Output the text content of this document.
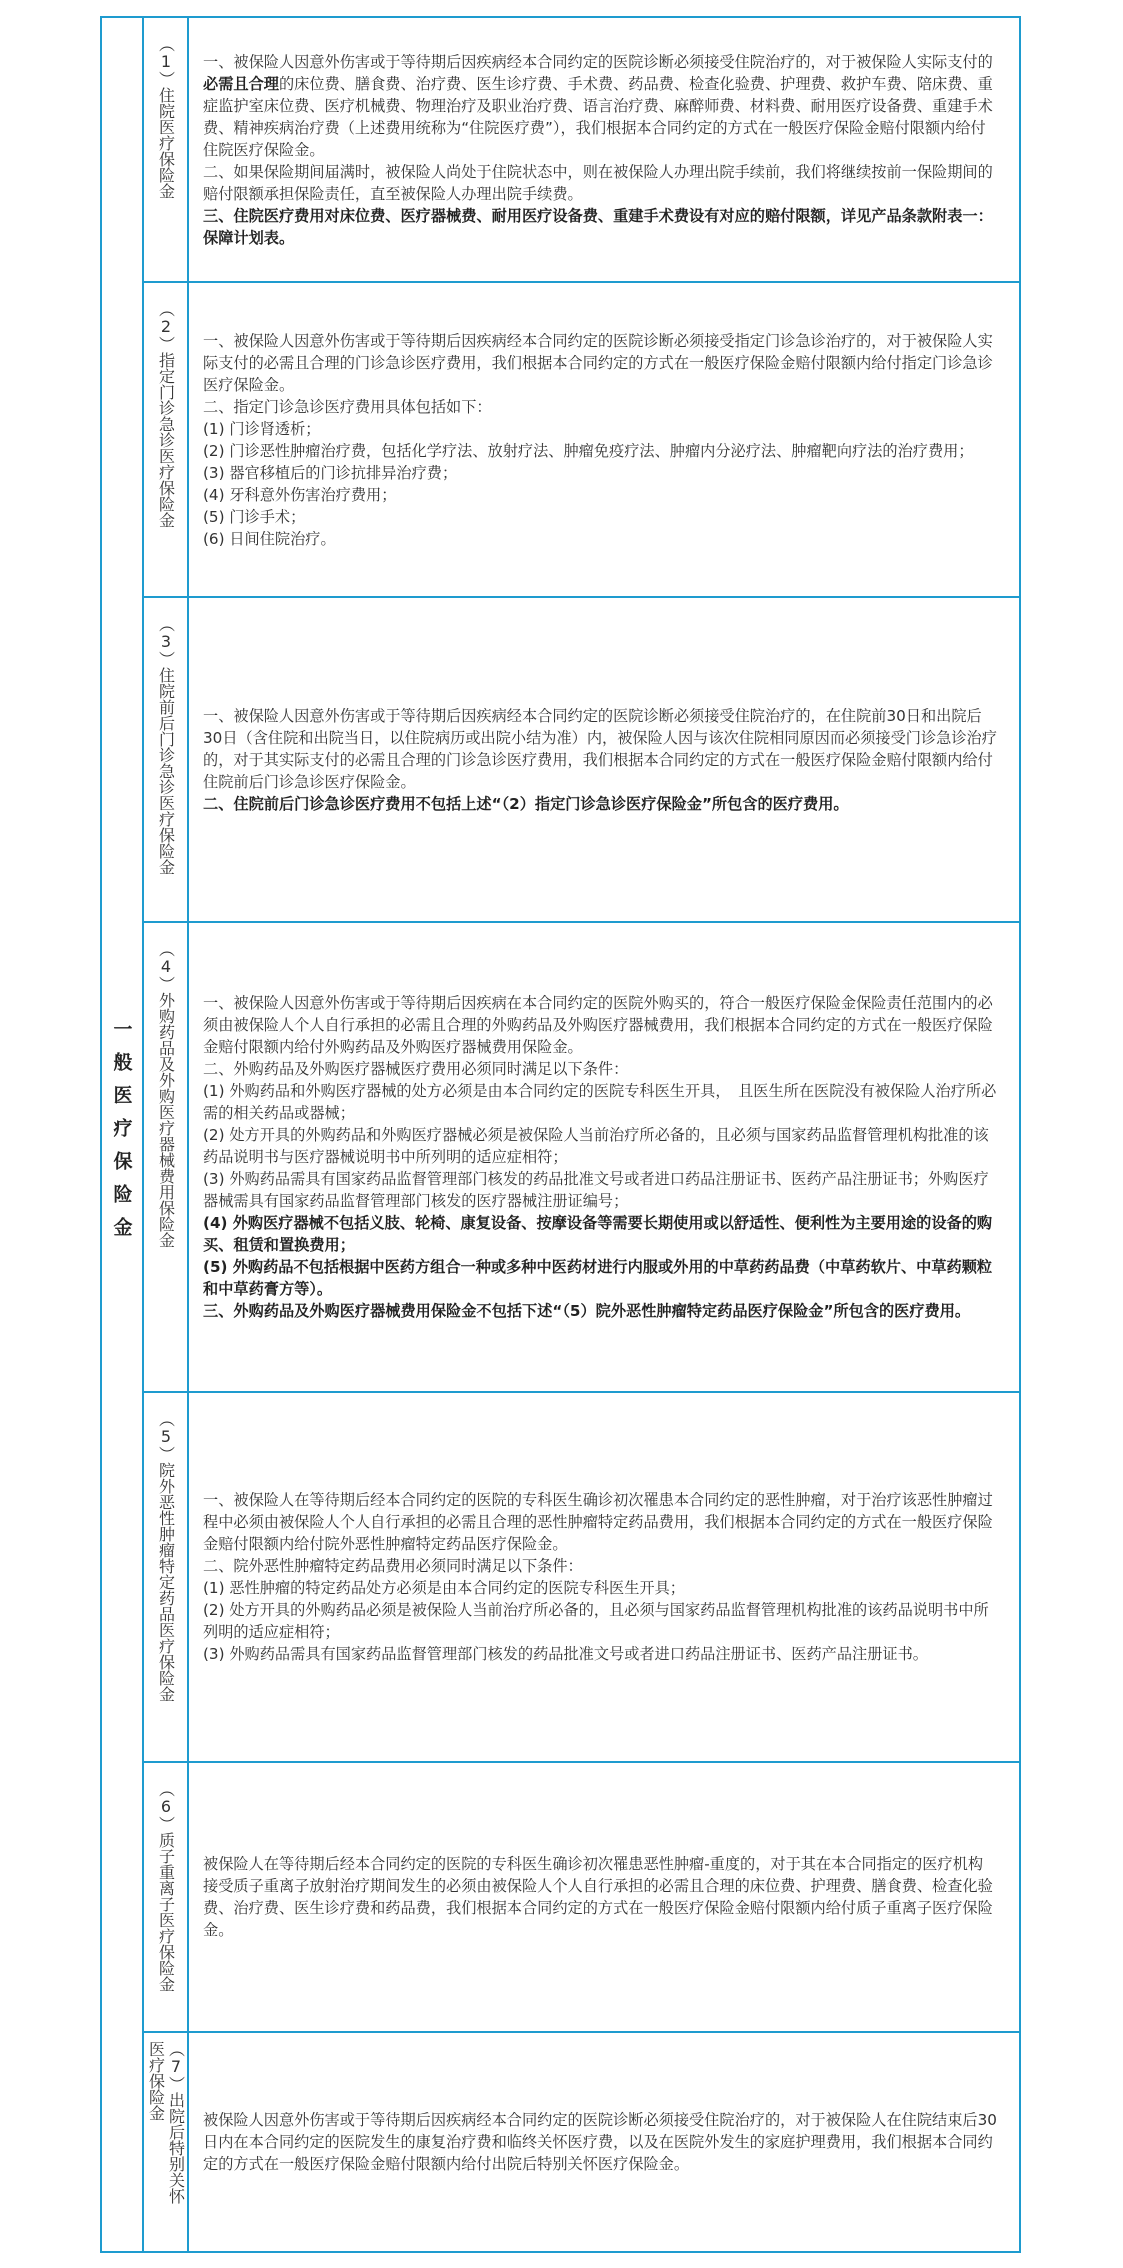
一般医疗保险金
（1）住院医疗保险金 一、被保险人因意外伤害或于等待期后因疾病经本合同约定的医院诊断必须接受住院治疗的，对于被保险人实际支付的必需且合理的床位费、膳食费、治疗费、医生诊疗费、手术费、药品费、检查化验费、护理费、救护车费、陪床费、重症监护室床位费、医疗机械费、物理治疗及职业治疗费、语言治疗费、麻醉师费、材料费、耐用医疗设备费、重建手术费、精神疾病治疗费（上述费用统称为“住院医疗费”），我们根据本合同约定的方式在一般医疗保险金赔付限额内给付住院医疗保险金。

二、如果保险期间届满时，被保险人尚处于住院状态中，则在被保险人办理出院手续前，我们将继续按前一保险期间的赔付限额承担保险责任，直至被保险人办理出院手续费。

三、住院医疗费用对床位费、医疗器械费、耐用医疗设备费、重建手术费设有对应的赔付限额，详见产品条款附表一：保障计划表。

（2）指定门诊急诊医疗保险金 一、被保险人因意外伤害或于等待期后因疾病经本合同约定的医院诊断必须接受指定门诊急诊治疗的，对于被保险人实际支付的必需且合理的门诊急诊医疗费用，我们根据本合同约定的方式在一般医疗保险金赔付限额内给付指定门诊急诊医疗保险金。

二、指定门诊急诊医疗费用具体包括如下：

(1) 门诊肾透析；

(2) 门诊恶性肿瘤治疗费，包括化学疗法、放射疗法、肿瘤免疫疗法、肿瘤内分泌疗法、肿瘤靶向疗法的治疗费用；

(3) 器官移植后的门诊抗排异治疗费；

(4) 牙科意外伤害治疗费用；

(5) 门诊手术；

(6) 日间住院治疗。

（3）住院前后门诊急诊医疗保险金 一、被保险人因意外伤害或于等待期后因疾病经本合同约定的医院诊断必须接受住院治疗的，在住院前30日和出院后30日（含住院和出院当日，以住院病历或出院小结为准）内，被保险人因与该次住院相同原因而必须接受门诊急诊治疗的，对于其实际支付的必需且合理的门诊急诊医疗费用，我们根据本合同约定的方式在一般医疗保险金赔付限额内给付住院前后门诊急诊医疗保险金。

二、住院前后门诊急诊医疗费用不包括上述“（2）指定门诊急诊医疗保险金”所包含的医疗费用。

（4）外购药品及外购医疗器械费用保险金 一、被保险人因意外伤害或于等待期后因疾病在本合同约定的医院外购买的，符合一般医疗保险金保险责任范围内的必须由被保险人个人自行承担的必需且合理的外购药品及外购医疗器械费用，我们根据本合同约定的方式在一般医疗保险金赔付限额内给付外购药品及外购医疗器械费用保险金。

二、外购药品及外购医疗器械医疗费用必须同时满足以下条件：

(1) 外购药品和外购医疗器械的处方必须是由本合同约定的医院专科医生开具，　且医生所在医院没有被保险人治疗所必需的相关药品或器械；

(2) 处方开具的外购药品和外购医疗器械必须是被保险人当前治疗所必备的，且必须与国家药品监督管理机构批准的该药品说明书与医疗器械说明书中所列明的适应症相符；

(3) 外购药品需具有国家药品监督管理部门核发的药品批准文号或者进口药品注册证书、医药产品注册证书；外购医疗器械需具有国家药品监督管理部门核发的医疗器械注册证编号；

(4) 外购医疗器械不包括义肢、轮椅、康复设备、按摩设备等需要长期使用或以舒适性、便利性为主要用途的设备的购买、租赁和置换费用；

(5) 外购药品不包括根据中医药方组合一种或多种中医药材进行内服或外用的中草药药品费（中草药软片、中草药颗粒和中草药膏方等）。

三、外购药品及外购医疗器械费用保险金不包括下述“（5）院外恶性肿瘤特定药品医疗保险金”所包含的医疗费用。

（5）院外恶性肿瘤特定药品医疗保险金 一、被保险人在等待期后经本合同约定的医院的专科医生确诊初次罹患本合同约定的恶性肿瘤，对于治疗该恶性肿瘤过程中必须由被保险人个人自行承担的必需且合理的恶性肿瘤特定药品费用，我们根据本合同约定的方式在一般医疗保险金赔付限额内给付院外恶性肿瘤特定药品医疗保险金。

二、院外恶性肿瘤特定药品费用必须同时满足以下条件：

(1) 恶性肿瘤的特定药品处方必须是由本合同约定的医院专科医生开具；

(2) 处方开具的外购药品必须是被保险人当前治疗所必备的，且必须与国家药品监督管理机构批准的该药品说明书中所列明的适应症相符；

(3) 外购药品需具有国家药品监督管理部门核发的药品批准文号或者进口药品注册证书、医药产品注册证书。

（6）质子重离子医疗保险金 被保险人在等待期后经本合同约定的医院的专科医生确诊初次罹患恶性肿瘤-重度的，对于其在本合同指定的医疗机构接受质子重离子放射治疗期间发生的必须由被保险人个人自行承担的必需且合理的床位费、护理费、膳食费、检查化验费、治疗费、医生诊疗费和药品费，我们根据本合同约定的方式在一般医疗保险金赔付限额内给付质子重离子医疗保险金。

（7）出院后特别关怀
医疗保险金 被保险人因意外伤害或于等待期后因疾病经本合同约定的医院诊断必须接受住院治疗的，对于被保险人在住院结束后30日内在本合同约定的医院发生的康复治疗费和临终关怀医疗费，以及在医院外发生的家庭护理费用，我们根据本合同约定的方式在一般医疗保险金赔付限额内给付出院后特别关怀医疗保险金。
